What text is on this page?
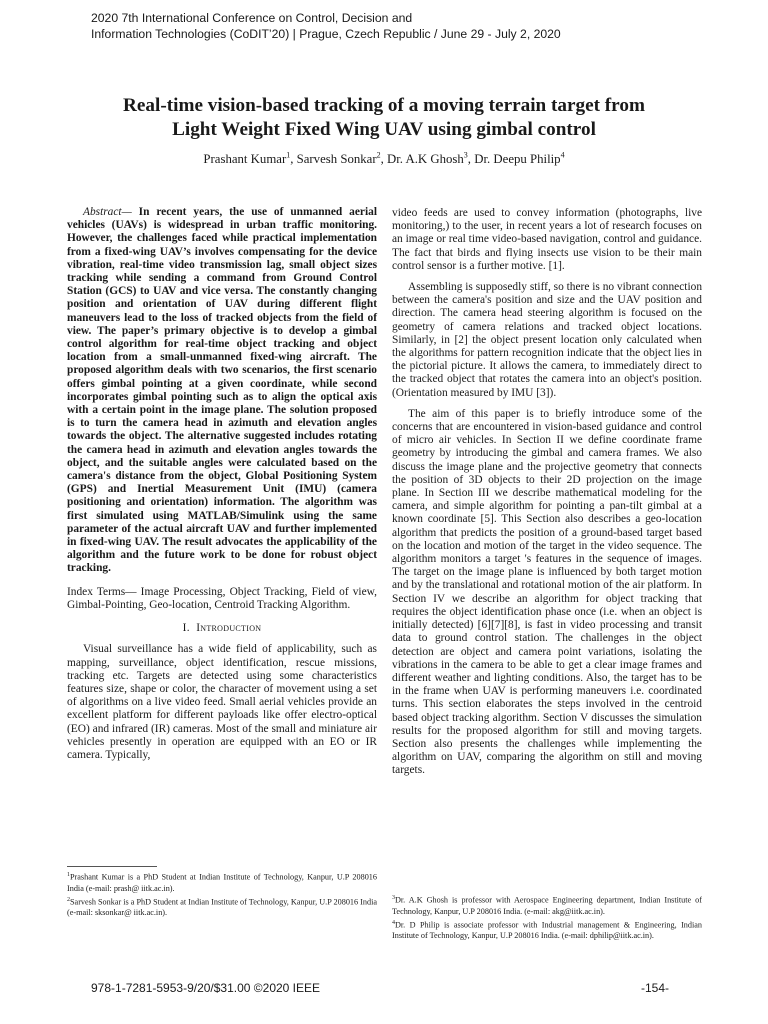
2020 7th International Conference on Control, Decision and
Information Technologies (CoDIT’20) | Prague, Czech Republic / June 29 - July 2, 2020
Real-time vision-based tracking of a moving terrain target from
Light Weight Fixed Wing UAV using gimbal control
Prashant Kumar$^1$, Sarvesh Sonkar$^2$, Dr. A.K Ghosh$^3$, Dr. Deepu Philip$^4$

Abstract— In recent years, the use of unmanned aerial vehicles (UAVs) is widespread in urban traffic monitoring. However, the challenges faced while practical implementation from a fixed-wing UAV’s involves compensating for the device vibration, real-time video transmission lag, small object sizes tracking while sending a command from Ground Control Station (GCS) to UAV and vice versa. The constantly changing position and orientation of UAV during different flight maneuvers lead to the loss of tracked objects from the field of view. The paper’s primary objective is to develop a gimbal control algorithm for real-time object tracking and object location from a small-unmanned fixed-wing aircraft. The proposed algorithm deals with two scenarios, the first scenario offers gimbal pointing at a given coordinate, while second incorporates gimbal pointing such as to align the optical axis with a certain point in the image plane. The solution proposed is to turn the camera head in azimuth and elevation angles towards the object. The alternative suggested includes rotating the camera head in azimuth and elevation angles towards the object, and the suitable angles were calculated based on the camera's distance from the object, Global Positioning System (GPS) and Inertial Measurement Unit (IMU) (camera positioning and orientation) information. The algorithm was first simulated using MATLAB/Simulink using the same parameter of the actual aircraft UAV and further implemented in fixed-wing UAV. The result advocates the applicability of the algorithm and the future work to be done for robust object tracking.

Index Terms— Image Processing, Object Tracking, Field of view, Gimbal-Pointing, Geo-location, Centroid Tracking Algorithm.

I. Introduction

Visual surveillance has a wide field of applicability, such as mapping, surveillance, object identification, rescue missions, tracking etc. Targets are detected using some characteristics features size, shape or color, the character of movement using a set of algorithms on a live video feed. Small aerial vehicles provide an excellent platform for different payloads like offer electro-optical (EO) and infrared (IR) cameras. Most of the small and miniature air vehicles presently in operation are equipped with an EO or IR camera. Typically,

video feeds are used to convey information (photographs, live monitoring,) to the user, in recent years a lot of research focuses on an image or real time video-based navigation, control and guidance. The fact that birds and flying insects use vision to be their main control sensor is a further motive. [1].

Assembling is supposedly stiff, so there is no vibrant connection between the camera's position and size and the UAV position and direction. The camera head steering algorithm is focused on the geometry of camera relations and tracked object locations. Similarly, in [2] the object present location only calculated when the algorithms for pattern recognition indicate that the object lies in the pictorial picture. It allows the camera, to immediately direct to the tracked object that rotates the camera into an object's position. (Orientation measured by IMU [3]).

The aim of this paper is to briefly introduce some of the concerns that are encountered in vision-based guidance and control of micro air vehicles. In Section II we define coordinate frame geometry by introducing the gimbal and camera frames. We also discuss the image plane and the projective geometry that connects the position of 3D objects to their 2D projection on the image plane. In Section III we describe mathematical modeling for the camera, and simple algorithm for pointing a pan-tilt gimbal at a known coordinate [5]. This Section also describes a geo-location algorithm that predicts the position of a ground-based target based on the location and motion of the target in the video sequence. The algorithm monitors a target 's features in the sequence of images. The target on the image plane is influenced by both target motion and by the translational and rotational motion of the air platform. In Section IV we describe an algorithm for object tracking that requires the object identification phase once (i.e. when an object is initially detected) [6][7][8], is fast in video processing and transit data to ground control station. The challenges in the object detection are object and camera point variations, isolating the vibrations in the camera to be able to get a clear image frames and different weather and lighting conditions. Also, the target has to be in the frame when UAV is performing maneuvers i.e. coordinated turns. This section elaborates the steps involved in the centroid based object tracking algorithm. Section V discusses the simulation results for the proposed algorithm for still and moving targets. Section also presents the challenges while implementing the algorithm on UAV, comparing the algorithm on still and moving targets.

$^1$Prashant Kumar is a PhD Student at Indian Institute of Technology, Kanpur, U.P 208016 India (e-mail: prash@ iitk.ac.in).

$^2$Sarvesh Sonkar is a PhD Student at Indian Institute of Technology, Kanpur, U.P 208016 India (e-mail: sksonkar@ iitk.ac.in).

$^3$Dr. A.K Ghosh is professor with Aerospace Engineering department, Indian Institute of Technology, Kanpur, U.P 208016 India. (e-mail: akg@iitk.ac.in).

$^4$Dr. D Philip is associate professor with Industrial management & Engineering, Indian Institute of Technology, Kanpur, U.P 208016 India. (e-mail: dphilip@iitk.ac.in).

978-1-7281-5953-9/20/$31.00 ©2020 IEEE	-154-
